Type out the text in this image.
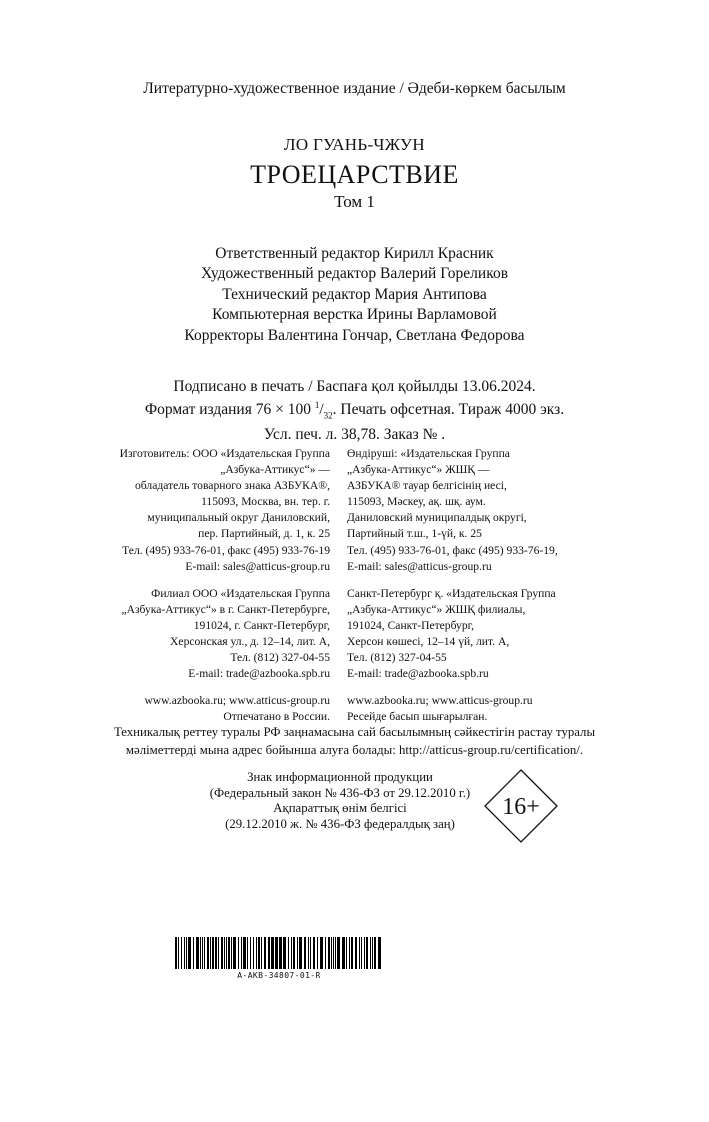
Литературно-художественное издание / Әдеби-көркем басылым
ЛО ГУАНЬ-ЧЖУН
ТРОЕЦАРСТВИЕ
Том 1
Ответственный редактор Кирилл Красник
Художественный редактор Валерий Гореликов
Технический редактор Мария Антипова
Компьютерная верстка Ирины Варламовой
Корректоры Валентина Гончар, Светлана Федорова
Подписано в печать / Баспаға қол қойылды 13.06.2024.
Формат издания 76 × 100 $^1/_{32}$. Печать офсетная. Тираж 4000 экз.
Усл. печ. л. 38,78. Заказ № .
Изготовитель: ООО «Издательская Группа
„Азбука-Аттикус“» —
обладатель товарного знака АЗБУКА®,
115093, Москва, вн. тер. г.
муниципальный округ Даниловский,
пер. Партийный, д. 1, к. 25
Тел. (495) 933-76-01, факс (495) 933-76-19
E-mail: sales@atticus-group.ru
Филиал ООО «Издательская Группа
„Азбука-Аттикус“» в г. Санкт-Петербурге,
191024, г. Санкт-Петербург,
Херсонская ул., д. 12–14, лит. А,
Тел. (812) 327-04-55
E-mail: trade@azbooka.spb.ru
www.azbooka.ru; www.atticus-group.ru
Отпечатано в России.
Өндіруші: «Издательская Группа
„Азбука-Аттикус“» ЖШҚ —
АЗБУКА® тауар белгісінің иесі,
115093, Мәскеу, ақ. шқ. аум.
Даниловский муниципалдық округі,
Партийный т.ш., 1-үй, к. 25
Тел. (495) 933-76-01, факс (495) 933-76-19,
E-mail: sales@atticus-group.ru
Санкт-Петербург қ. «Издательская Группа
„Азбука-Аттикус“» ЖШҚ филиалы,
191024, Санкт-Петербург,
Херсон көшесі, 12–14 үй, лит. А,
Тел. (812) 327-04-55
E-mail: trade@azbooka.spb.ru
www.azbooka.ru; www.atticus-group.ru
Ресейде басып шығарылған.
Техникалық реттеу туралы РФ заңнамасына сай басылымның сәйкестігін растау туралы
мәліметтерді мына адрес бойынша алуға болады: http://atticus-group.ru/certification/.
Знак информационной продукции
(Федеральный закон № 436-ФЗ от 29.12.2010 г.)
Ақпараттық өнім белгісі
(29.12.2010 ж. № 436-ФЗ федералдық заң)
16+
A-AKB-34807-01-R
